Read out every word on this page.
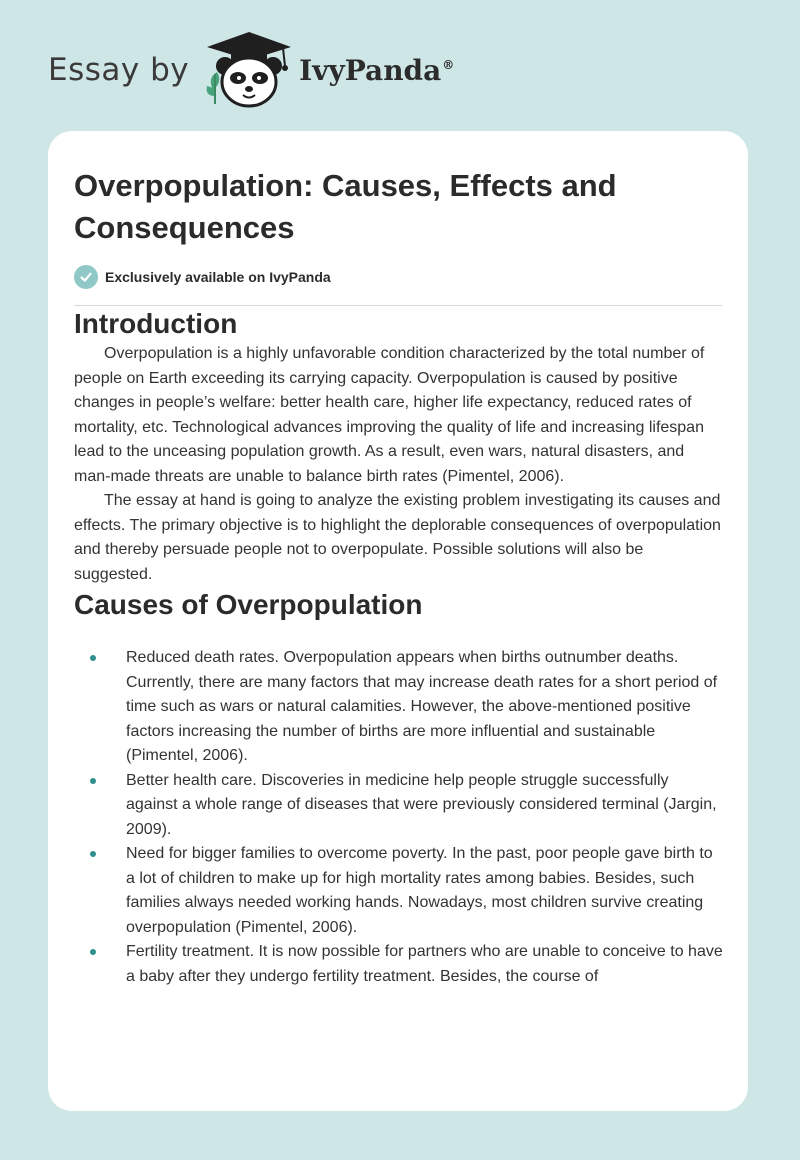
Essay by	IvyPanda®
Overpopulation: Causes, Effects and Consequences
Exclusively available on IvyPanda
Introduction

Overpopulation is a highly unfavorable condition characterized by the total number of people on Earth exceeding its carrying capacity. Overpopulation is caused by positive changes in people’s welfare: better health care, higher life expectancy, reduced rates of mortality, etc. Technological advances improving the quality of life and increasing lifespan lead to the unceasing population growth. As a result, even wars, natural disasters, and man-made threats are unable to balance birth rates (Pimentel, 2006).

The essay at hand is going to analyze the existing problem investigating its causes and effects. The primary objective is to highlight the deplorable consequences of overpopulation and thereby persuade people not to overpopulate. Possible solutions will also be suggested.

Causes of Overpopulation
Reduced death rates. Overpopulation appears when births outnumber deaths. Currently, there are many factors that may increase death rates for a short period of time such as wars or natural calamities. However, the above-mentioned positive factors increasing the number of births are more influential and sustainable (Pimentel, 2006).
Better health care. Discoveries in medicine help people struggle successfully against a whole range of diseases that were previously considered terminal (Jargin, 2009).
Need for bigger families to overcome poverty. In the past, poor people gave birth to a lot of children to make up for high mortality rates among babies. Besides, such families always needed working hands. Nowadays, most children survive creating overpopulation (Pimentel, 2006).
Fertility treatment. It is now possible for partners who are unable to conceive to have a baby after they undergo fertility treatment. Besides, the course of
